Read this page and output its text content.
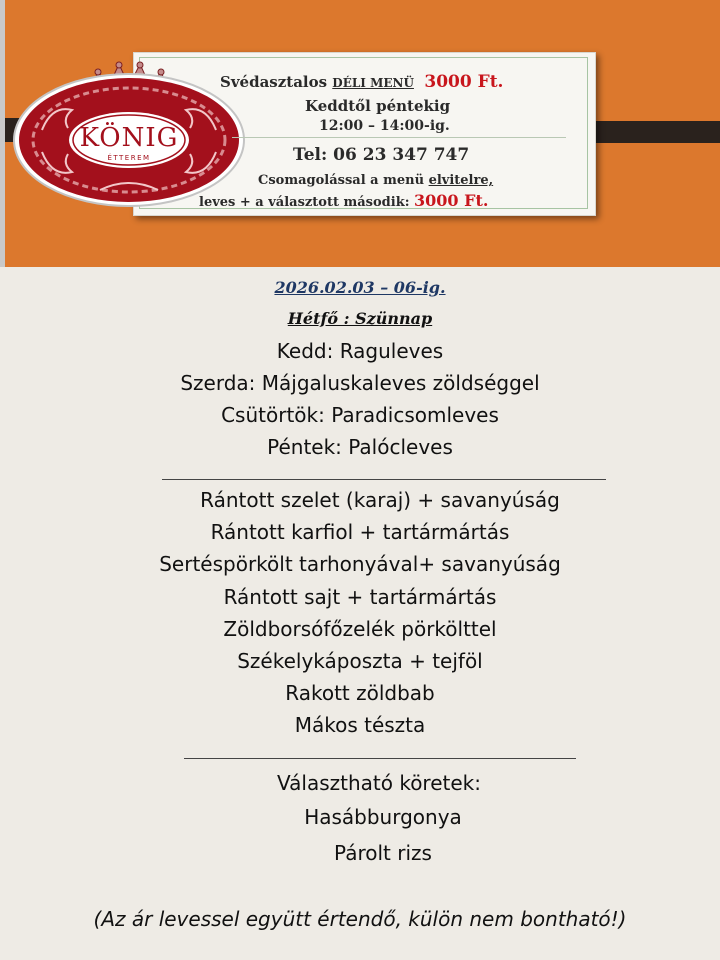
KÖNIG
ÉTTEREM
Svédasztalos DÉLI MENÜ 3000 Ft.
Keddtől péntekig
12:00 – 14:00-ig.
Tel: 06 23 347 747
Csomagolással a menü elvitelre,
leves + a választott második: 3000 Ft.
2026.02.03 – 06-ig.
Hétfő : Szünnap
Kedd: Raguleves
Szerda: Májgaluskaleves zöldséggel
Csütörtök: Paradicsomleves
Péntek: Palócleves
Rántott szelet (karaj) + savanyúság
Rántott karfiol + tartármártás
Sertéspörkölt tarhonyával+ savanyúság
Rántott sajt + tartármártás
Zöldborsófőzelék pörkölttel
Székelykáposzta + tejföl
Rakott zöldbab
Mákos tészta
Választható köretek:
Hasábburgonya
Párolt rizs
(Az ár levessel együtt értendő, külön nem bontható!)
